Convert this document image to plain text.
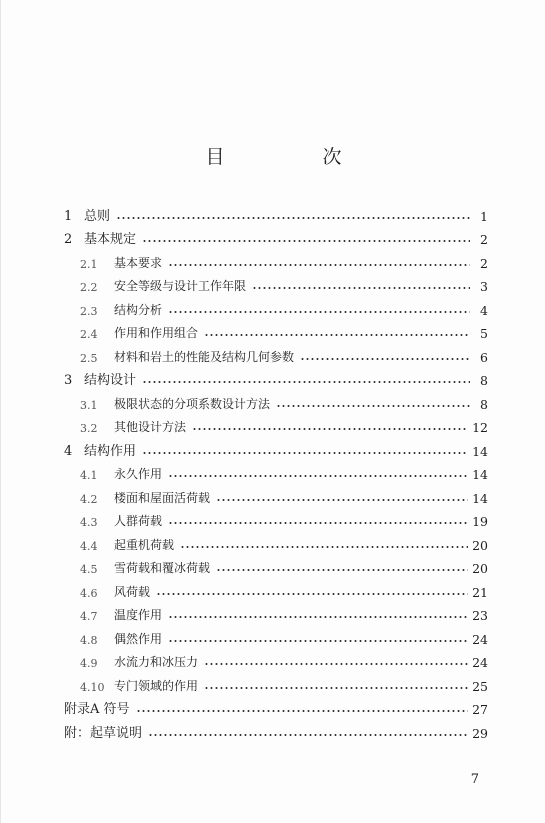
目 次
1 总则	1
2 基本规定	2
2.1	基本要求	2
2.2	安全等级与设计工作年限	3
2.3	结构分析	4
2.4	作用和作用组合	5
2.5	材料和岩土的性能及结构几何参数	6
3 结构设计	8
3.1	极限状态的分项系数设计方法	8
3.2	其他设计方法	12
4 结构作用	14
4.1	永久作用	14
4.2	楼面和屋面活荷载	14
4.3	人群荷载	19
4.4	起重机荷载	20
4.5	雪荷载和覆冰荷载	20
4.6	风荷载	21
4.7	温度作用	23
4.8	偶然作用	24
4.9	水流力和冰压力	24
4.10 专门领域的作用	25
附录A 符号	27
附：起草说明	29
7
